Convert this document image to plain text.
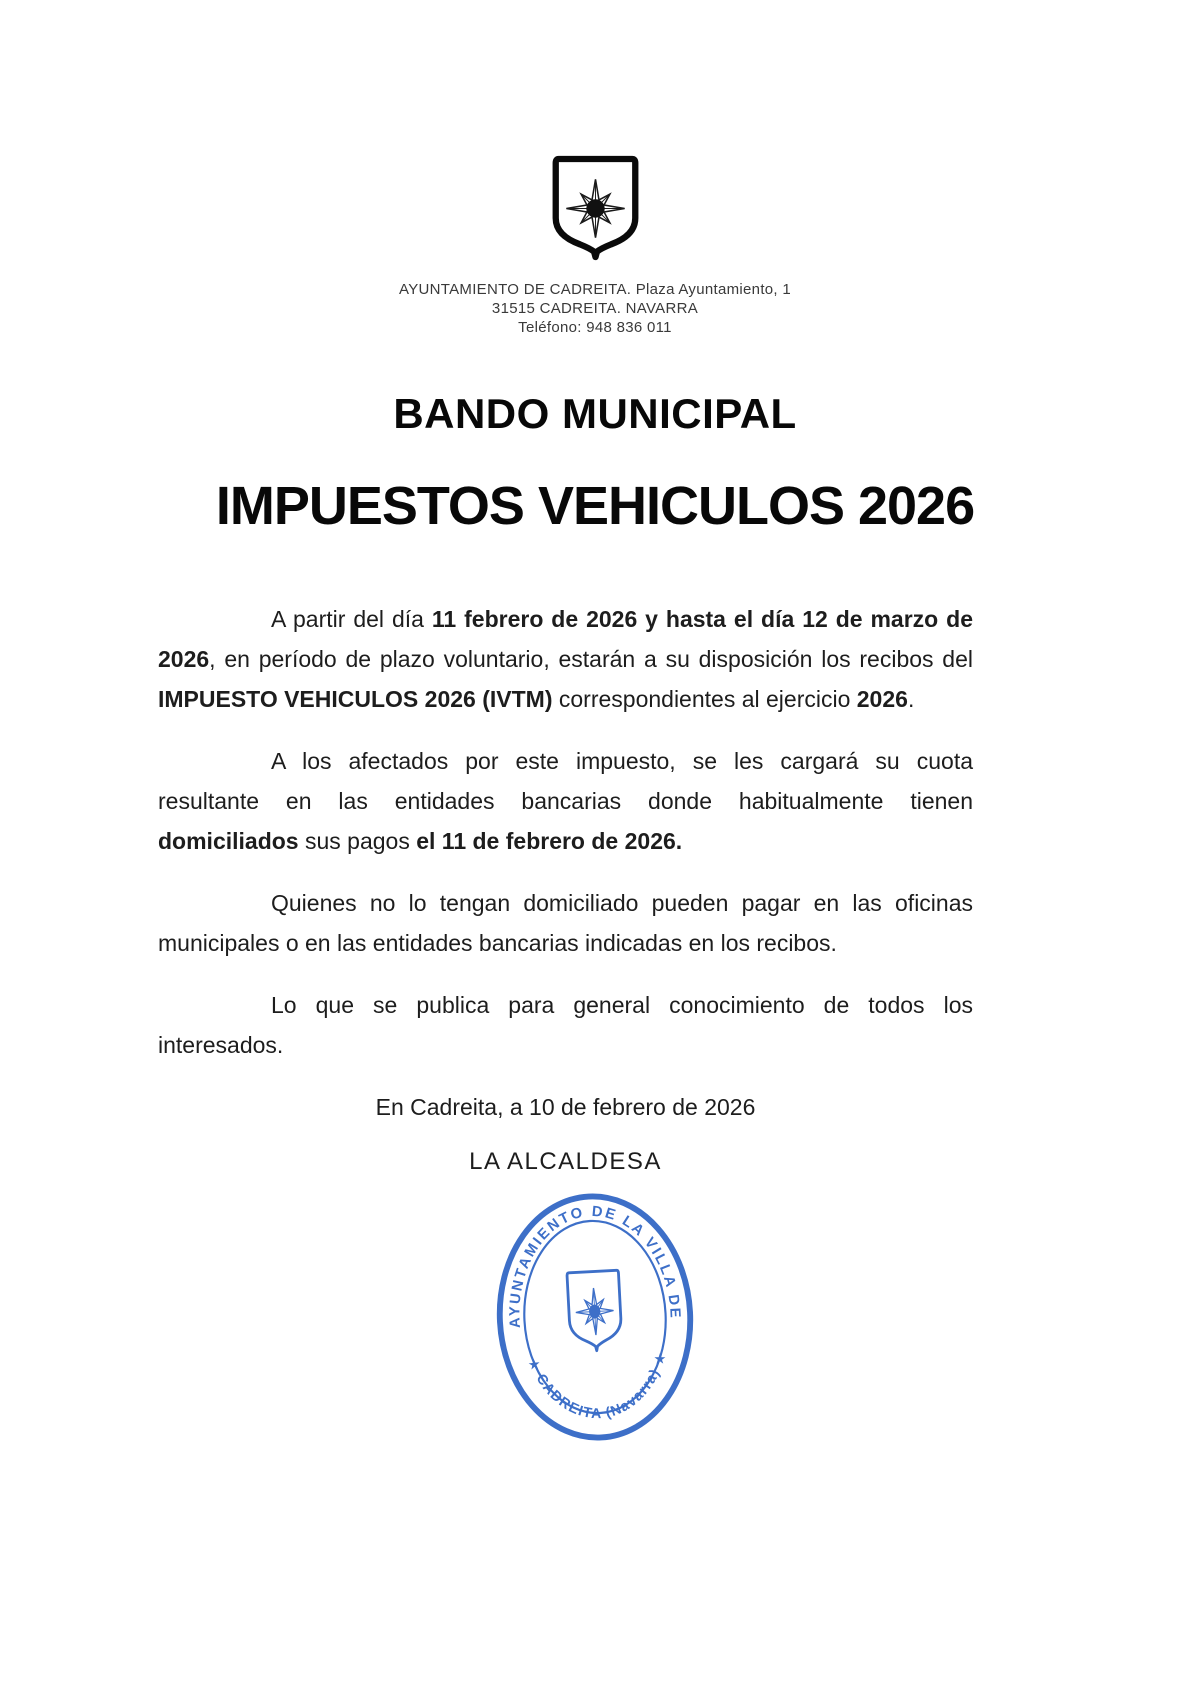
AYUNTAMIENTO DE CADREITA. Plaza Ayuntamiento, 1
31515 CADREITA. NAVARRA
Teléfono: 948 836 011
BANDO MUNICIPAL
IMPUESTOS VEHICULOS 2026

A partir del día 11 febrero de 2026 y hasta el día 12 de marzo de 2026, en período de plazo voluntario, estarán a su disposición los recibos del IMPUESTO VEHICULOS 2026 (IVTM) correspondientes al ejercicio 2026.

A los afectados por este impuesto, se les cargará su cuota resultante en las entidades bancarias donde habitualmente tienen domiciliados sus pagos el 11 de febrero de 2026.

Quienes no lo tengan domiciliado pueden pagar en las oficinas municipales o en las entidades bancarias indicadas en los recibos.

Lo que se publica para general conocimiento de todos los interesados.

En Cadreita, a 10 de febrero de 2026
LA ALCALDESA
AYUNTAMIENTO DE LA VILLA DE
★ CADREITA (Navarra) ★
